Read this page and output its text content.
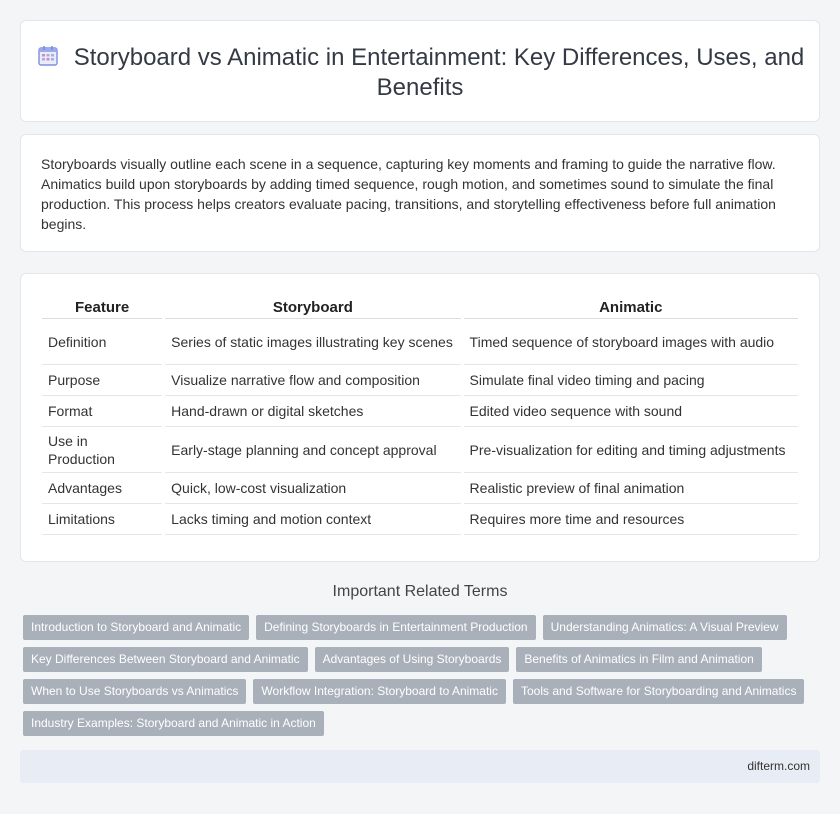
Storyboard vs Animatic in Entertainment: Key Differences, Uses, and Benefits

Storyboards visually outline each scene in a sequence, capturing key moments and framing to guide the narrative flow. Animatics build upon storyboards by adding timed sequence, rough motion, and sometimes sound to simulate the final production. This process helps creators evaluate pacing, transitions, and storytelling effectiveness before full animation begins.

Feature	Storyboard	Animatic
Definition	Series of static images illustrating key scenes	Timed sequence of storyboard images with audio
Purpose	Visualize narrative flow and composition	Simulate final video timing and pacing
Format	Hand-drawn or digital sketches	Edited video sequence with sound
Use in Production	Early-stage planning and concept approval	Pre-visualization for editing and timing adjustments
Advantages	Quick, low-cost visualization	Realistic preview of final animation
Limitations	Lacks timing and motion context	Requires more time and resources
Important Related Terms
Introduction to Storyboard and Animatic Defining Storyboards in Entertainment Production Understanding Animatics: A Visual Preview
Key Differences Between Storyboard and Animatic Advantages of Using Storyboards Benefits of Animatics in Film and Animation
When to Use Storyboards vs Animatics Workflow Integration: Storyboard to Animatic Tools and Software for Storyboarding and Animatics
Industry Examples: Storyboard and Animatic in Action
difterm.com
